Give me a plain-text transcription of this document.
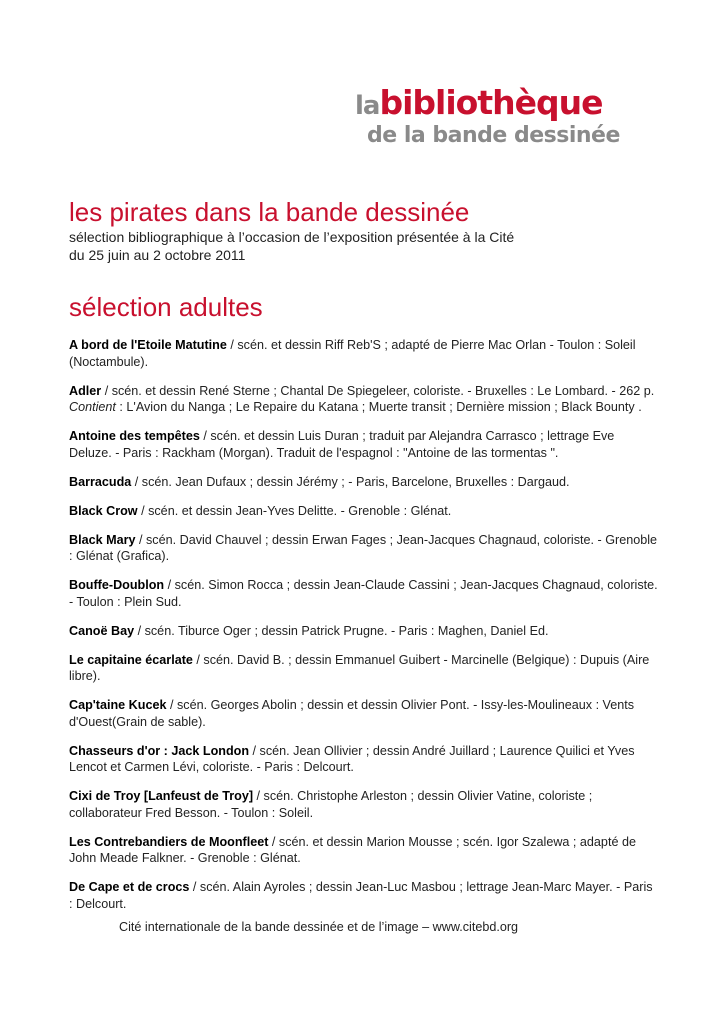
labibliothèque
de la bande dessinée
les pirates dans la bande dessinée
sélection bibliographique à l’occasion de l’exposition présentée à la Cité
du 25 juin au 2 octobre 2011
sélection adultes

A bord de l'Etoile Matutine / scén. et dessin Riff Reb'S ; adapté de Pierre Mac Orlan - Toulon : Soleil (Noctambule).

Adler / scén. et dessin René Sterne ; Chantal De Spiegeleer, coloriste. - Bruxelles : Le Lombard. - 262 p. Contient : L'Avion du Nanga ; Le Repaire du Katana ; Muerte transit ; Dernière mission ; Black Bounty .

Antoine des tempêtes / scén. et dessin Luis Duran ; traduit par Alejandra Carrasco ; lettrage Eve Deluze. - Paris : Rackham (Morgan). Traduit de l'espagnol : "Antoine de las tormentas ".

Barracuda / scén. Jean Dufaux ; dessin Jérémy ; - Paris, Barcelone, Bruxelles : Dargaud.

Black Crow / scén. et dessin Jean-Yves Delitte. - Grenoble : Glénat.

Black Mary / scén. David Chauvel ; dessin Erwan Fages ; Jean-Jacques Chagnaud, coloriste. - Grenoble : Glénat (Grafica).

Bouffe-Doublon / scén. Simon Rocca ; dessin Jean-Claude Cassini ; Jean-Jacques Chagnaud, coloriste. - Toulon : Plein Sud.

Canoë Bay / scén. Tiburce Oger ; dessin Patrick Prugne. - Paris : Maghen, Daniel Ed.

Le capitaine écarlate / scén. David B. ; dessin Emmanuel Guibert - Marcinelle (Belgique) : Dupuis (Aire libre).

Cap'taine Kucek / scén. Georges Abolin ; dessin et dessin Olivier Pont. - Issy-les-Moulineaux : Vents d'Ouest(Grain de sable).

Chasseurs d'or : Jack London / scén. Jean Ollivier ; dessin André Juillard ; Laurence Quilici et Yves Lencot et Carmen Lévi, coloriste. - Paris : Delcourt.

Cixi de Troy [Lanfeust de Troy] / scén. Christophe Arleston ; dessin Olivier Vatine, coloriste ; collaborateur Fred Besson. - Toulon : Soleil.

Les Contrebandiers de Moonfleet / scén. et dessin Marion Mousse ; scén. Igor Szalewa ; adapté de John Meade Falkner. - Grenoble : Glénat.

De Cape et de crocs / scén. Alain Ayroles ; dessin Jean-Luc Masbou ; lettrage Jean-Marc Mayer. - Paris : Delcourt.

Cité internationale de la bande dessinée et de l’image – www.citebd.org
